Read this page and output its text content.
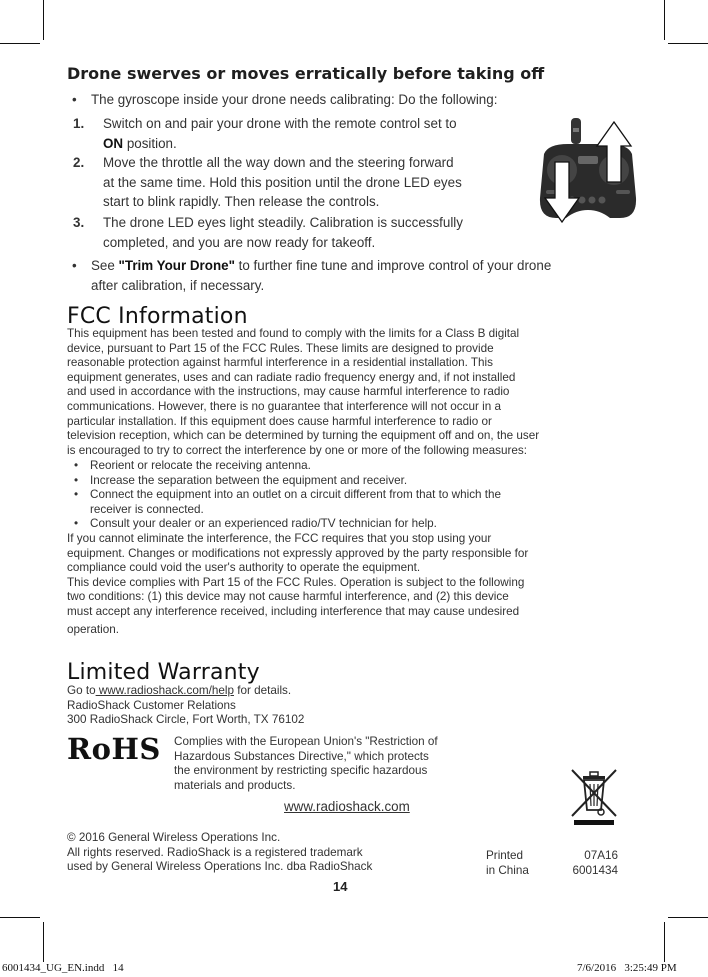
Drone swerves or moves erratically before taking off
• The gyroscope inside your drone needs calibrating: Do the following:
1. Switch on and pair your drone with the remote control set to
ON position.
2. Move the throttle all the way down and the steering forward
at the same time. Hold this position until the drone LED eyes
start to blink rapidly. Then release the controls.
3. The drone LED eyes light steadily. Calibration is successfully
completed, and you are now ready for takeoff.
• See "Trim Your Drone" to further fine tune and improve control of your drone
after calibration, if necessary.
FCC Information
This equipment has been tested and found to comply with the limits for a Class B digital
device, pursuant to Part 15 of the FCC Rules. These limits are designed to provide
reasonable protection against harmful interference in a residential installation. This
equipment generates, uses and can radiate radio frequency energy and, if not installed
and used in accordance with the instructions, may cause harmful interference to radio
communications. However, there is no guarantee that interference will not occur in a
particular installation. If this equipment does cause harmful interference to radio or
television reception, which can be determined by turning the equipment off and on, the user
is encouraged to try to correct the interference by one or more of the following measures:
• Reorient or relocate the receiving antenna.
• Increase the separation between the equipment and receiver.
• Connect the equipment into an outlet on a circuit different from that to which the
receiver is connected.
• Consult your dealer or an experienced radio/TV technician for help.
If you cannot eliminate the interference, the FCC requires that you stop using your
equipment. Changes or modifications not expressly approved by the party responsible for
compliance could void the user's authority to operate the equipment.
This device complies with Part 15 of the FCC Rules. Operation is subject to the following
two conditions: (1) this device may not cause harmful interference, and (2) this device
must accept any interference received, including interference that may cause undesired
operation.
Limited Warranty
Go to www.radioshack.com/help for details.
RadioShack Customer Relations
300 RadioShack Circle, Fort Worth, TX 76102
RoHS Complies with the European Union's "Restriction of
Hazardous Substances Directive," which protects
the environment by restricting specific hazardous
materials and products.
www.radioshack.com
© 2016 General Wireless Operations Inc.
All rights reserved. RadioShack is a registered trademark
used by General Wireless Operations Inc. dba RadioShack
Printed
in China
07A16
6001434
14
6001434_UG_EN.indd   14	7/6/2016   3:25:49 PM
